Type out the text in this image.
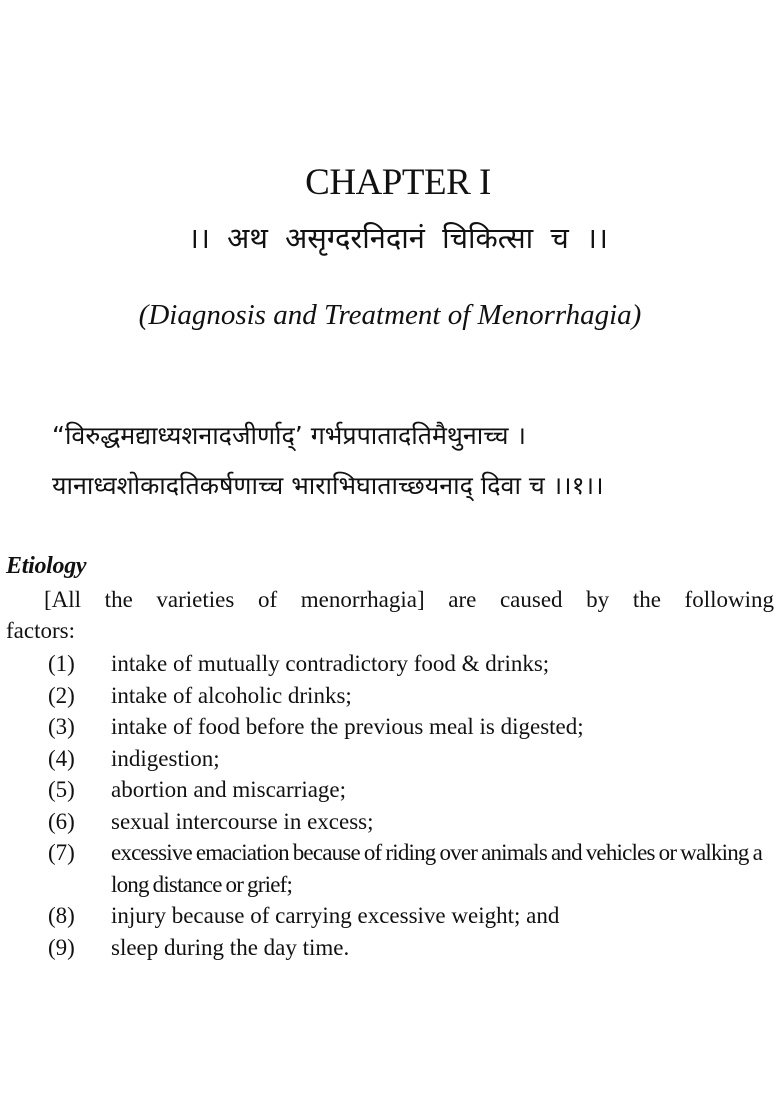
CHAPTER I
।। अथ असृग्दरनिदानं चिकित्सा च ।।
(Diagnosis and Treatment of Menorrhagia)
“विरुद्धमद्याध्यशनादजीर्णाद्’ गर्भप्रपातादतिमैथुनाच्च ।
यानाध्वशोकादतिकर्षणाच्च भाराभिघाताच्छयनाद् दिवा च ।।१।।
Etiology
[All the varieties of menorrhagia] are caused by the following
factors:
(1)	intake of mutually contradictory food & drinks;
(2)	intake of alcoholic drinks;
(3)	intake of food before the previous meal is digested;
(4)	indigestion;
(5)	abortion and miscarriage;
(6)	sexual intercourse in excess;
(7)	excessive emaciation because of riding over animals and vehicles or walking a long distance or grief;
(8)	injury because of carrying excessive weight; and
(9)	sleep during the day time.
